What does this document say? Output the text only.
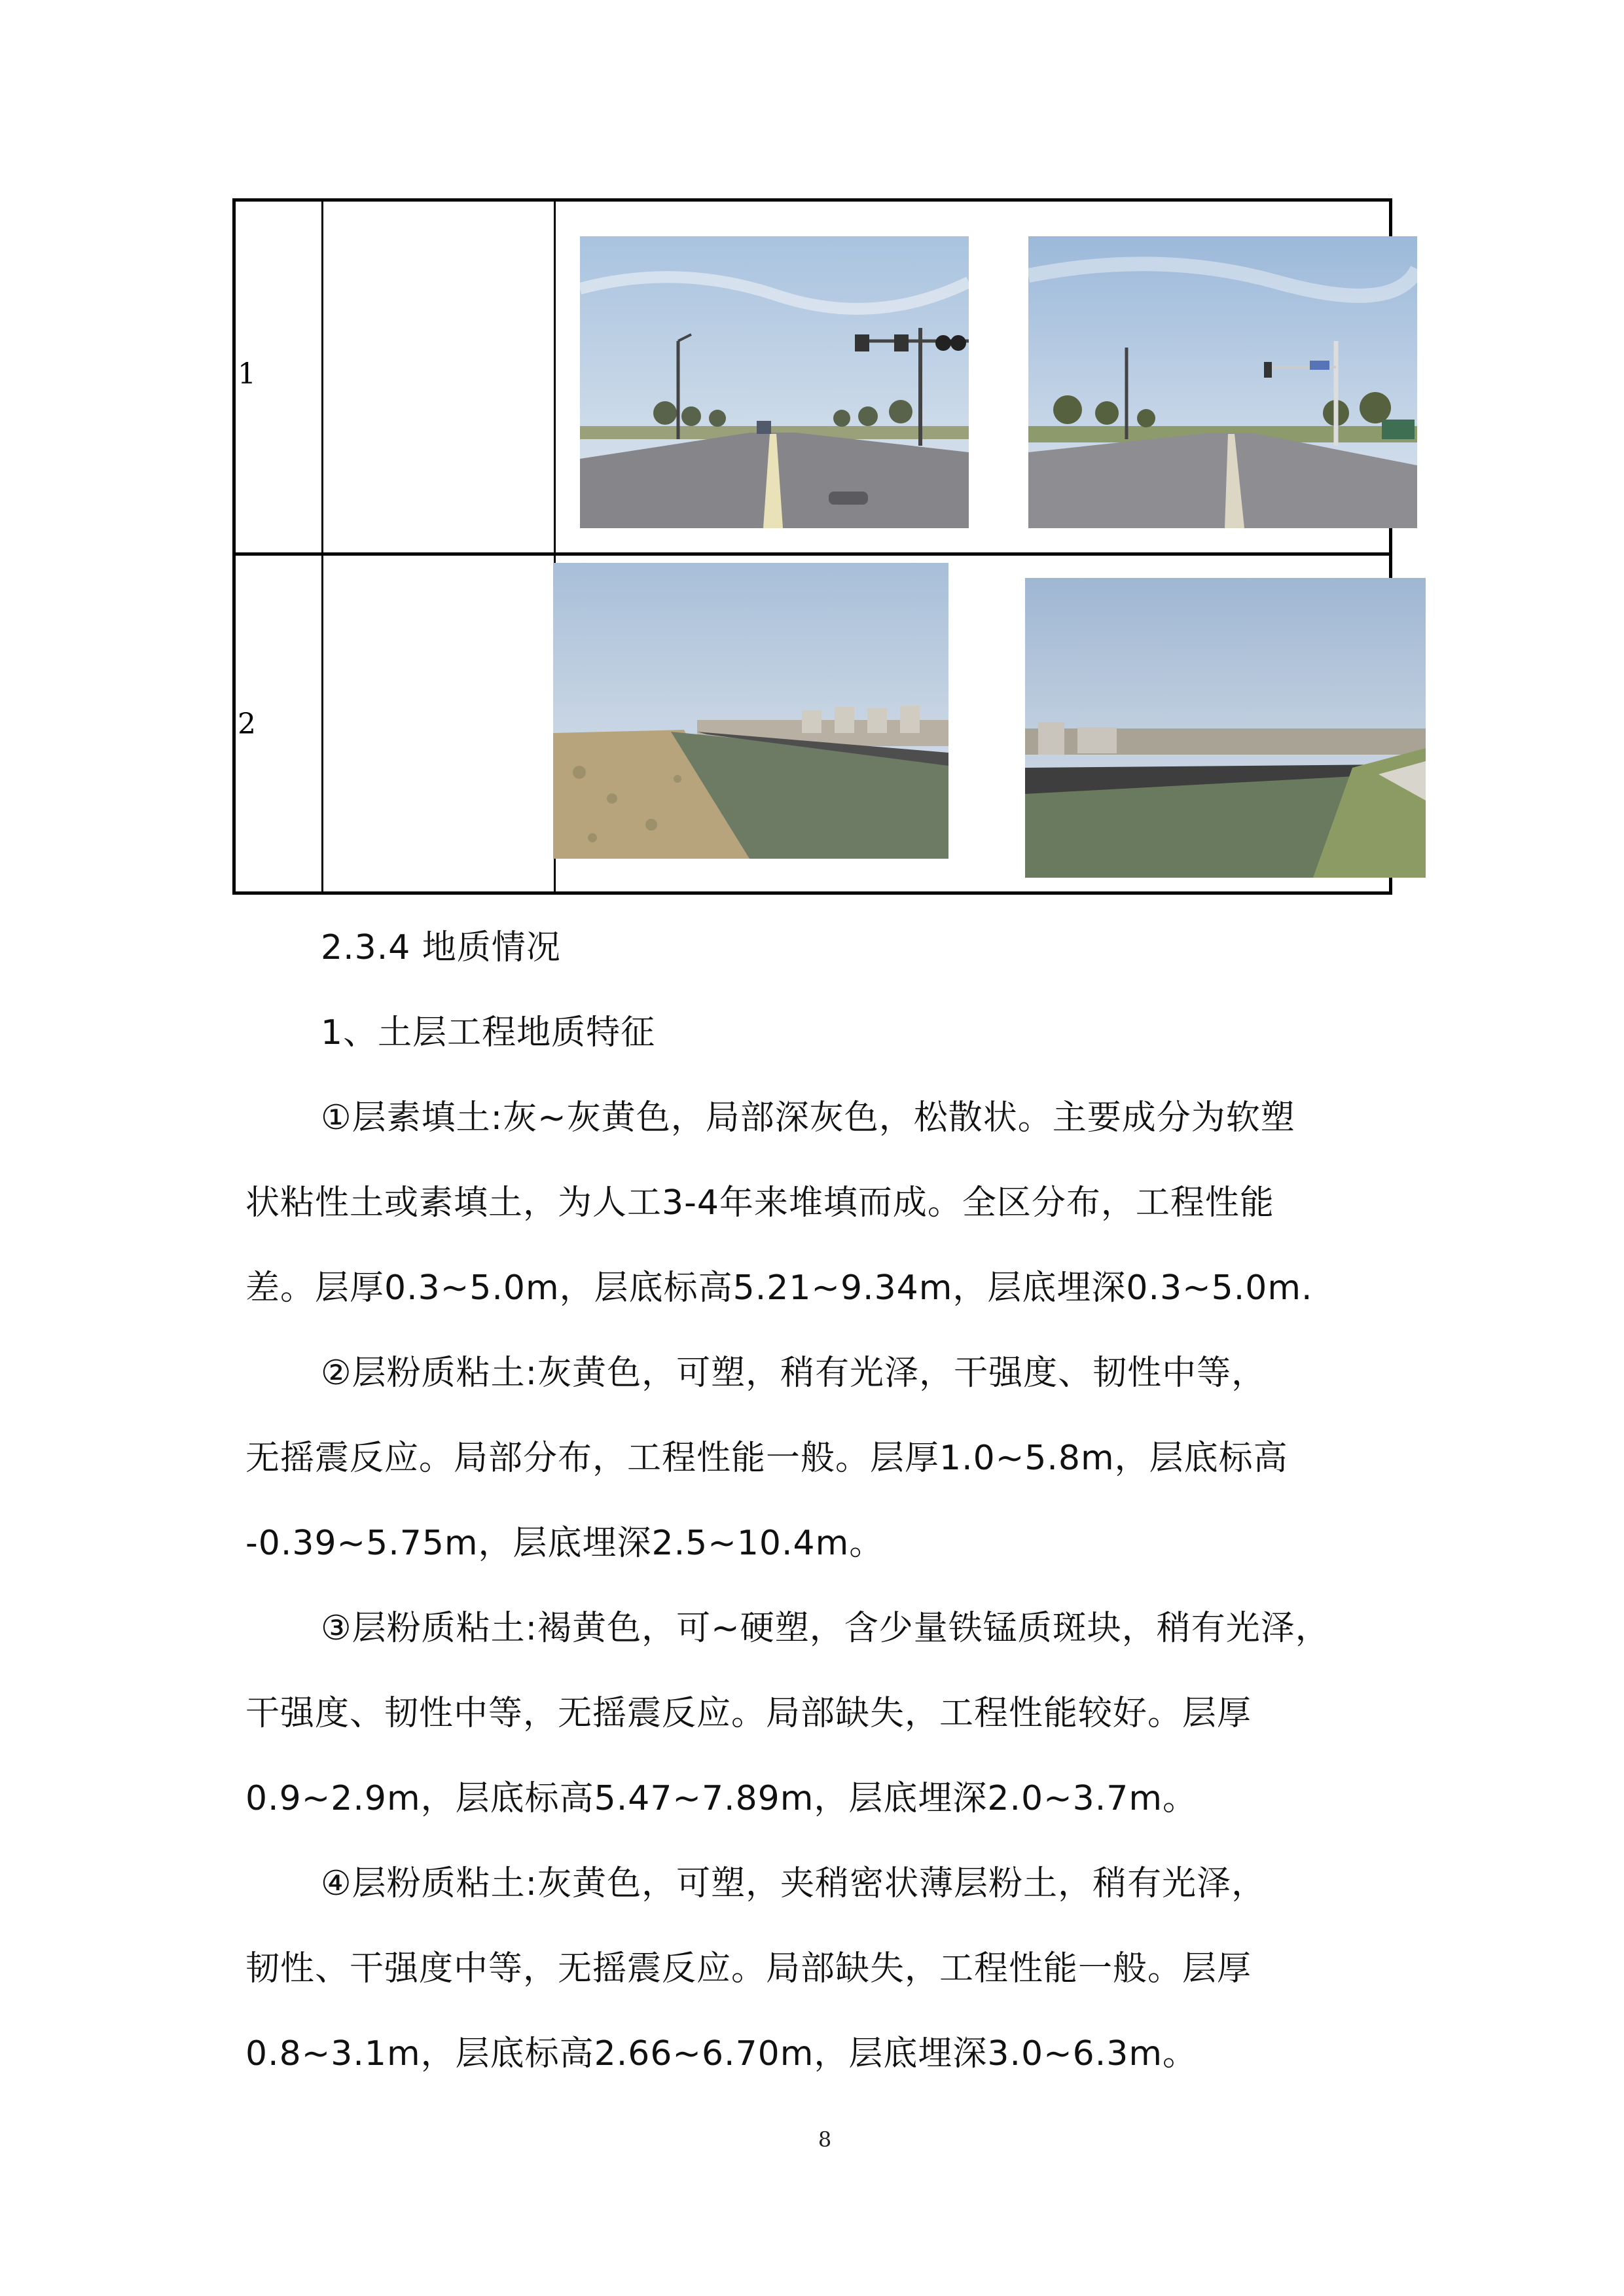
1
2
2.3.4 地质情况
1、土层工程地质特征
①层素填土:灰~灰黄色，局部深灰色，松散状。主要成分为软塑
状粘性土或素填土，为人工3-4年来堆填而成。全区分布，工程性能
差。层厚0.3~5.0m，层底标高5.21~9.34m，层底埋深0.3~5.0m.
②层粉质粘土:灰黄色，可塑，稍有光泽，干强度、韧性中等，
无摇震反应。局部分布，工程性能一般。层厚1.0~5.8m，层底标高
-0.39~5.75m，层底埋深2.5~10.4m。
③层粉质粘土:褐黄色，可~硬塑，含少量铁锰质斑块，稍有光泽，
干强度、韧性中等，无摇震反应。局部缺失，工程性能较好。层厚
0.9~2.9m，层底标高5.47~7.89m，层底埋深2.0~3.7m。
④层粉质粘土:灰黄色，可塑，夹稍密状薄层粉土，稍有光泽，
韧性、干强度中等，无摇震反应。局部缺失，工程性能一般。层厚
0.8~3.1m，层底标高2.66~6.70m，层底埋深3.0~6.3m。
8
